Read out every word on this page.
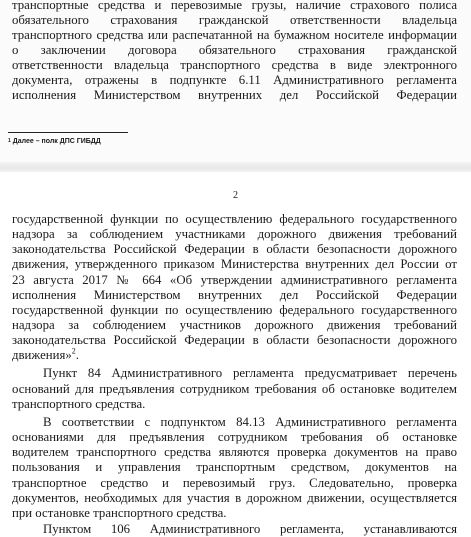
транспортные средства и перевозимые грузы, наличие страхового полиса
обязательного страхования гражданской ответственности владельца
транспортного средства или распечатанной на бумажном носителе информации
о заключении договора обязательного страхования гражданской
ответственности владельца транспортного средства в виде электронного
документа, отражены в подпункте 6.11 Административного регламента
исполнения Министерством внутренних дел Российской Федерации
$^1$ Далее – полк ДПС ГИБДД
2
государственной функции по осуществлению федерального государственного
надзора за соблюдением участниками дорожного движения требований
законодательства Российской Федерации в области безопасности дорожного
движения, утвержденного приказом Министерства внутренних дел России от
23 августа 2017 № 664 «Об утверждении административного регламента
исполнения Министерством внутренних дел Российской Федерации
государственной функции по осуществлению федерального государственного
надзора за соблюдением участников дорожного движения требований
законодательства Российской Федерации в области безопасности дорожного
движения»$^2$.
Пункт 84 Административного регламента предусматривает перечень
оснований для предъявления сотрудником требования об остановке водителем
транспортного средства.
В соответствии с подпунктом 84.13 Административного регламента
основаниями для предъявления сотрудником требования об остановке
водителем транспортного средства являются проверка документов на право
пользования и управления транспортным средством, документов на
транспортное средство и перевозимый груз. Следовательно, проверка
документов, необходимых для участия в дорожном движении, осуществляется
при остановке транспортного средства.
Пунктом 106 Административного регламента, устанавливаются
